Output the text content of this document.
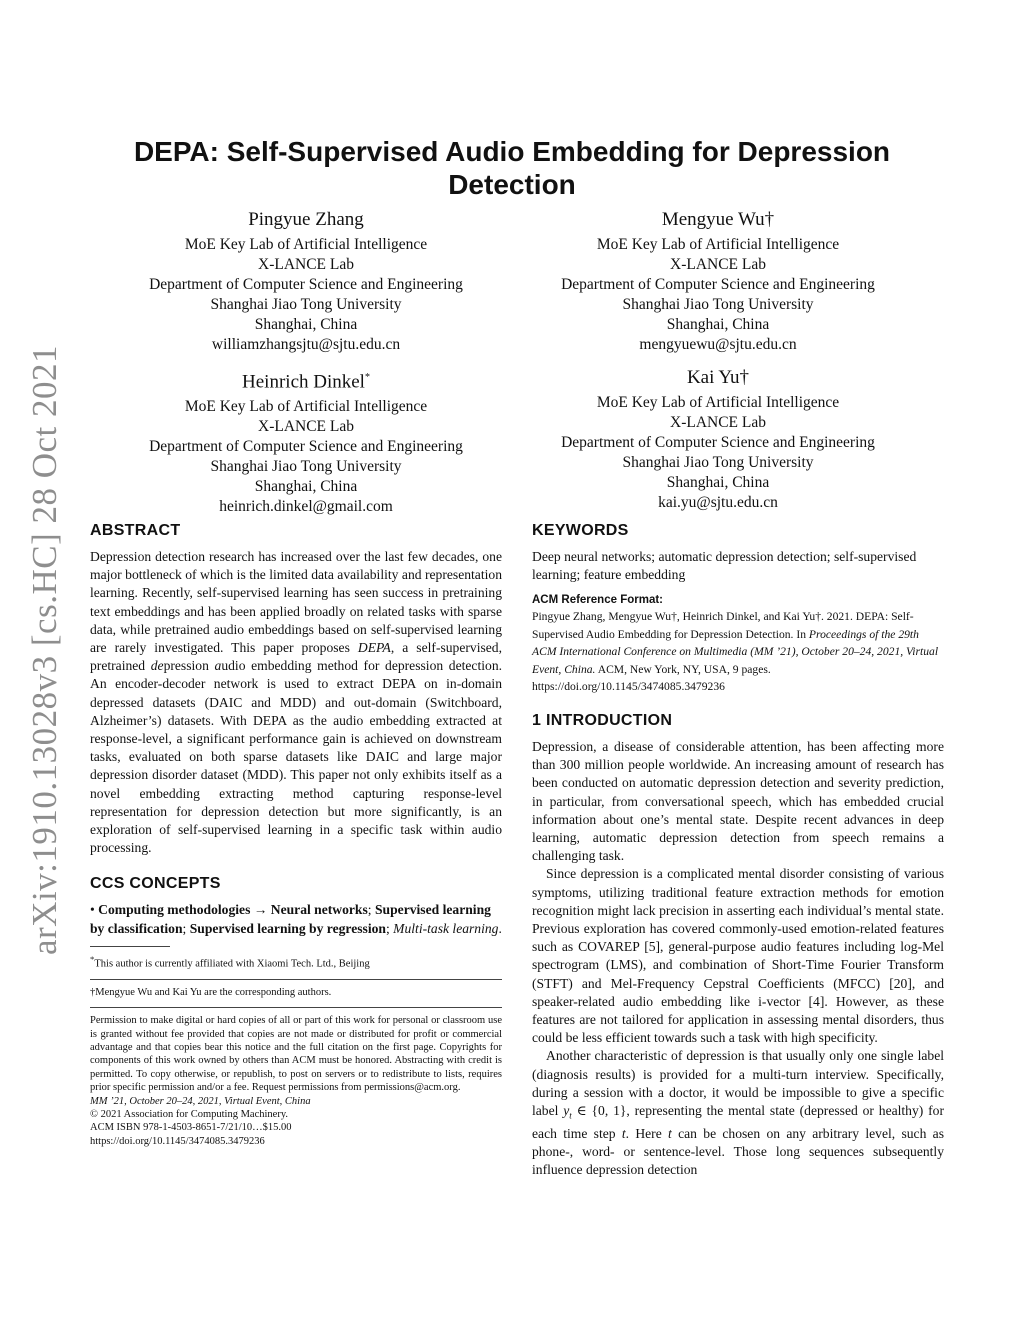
arXiv:1910.13028v3 [cs.HC] 28 Oct 2021
DEPA: Self-Supervised Audio Embedding for Depression Detection
Pingyue Zhang
MoE Key Lab of Artificial Intelligence
X-LANCE Lab
Department of Computer Science and Engineering
Shanghai Jiao Tong University
Shanghai, China
williamzhangsjtu@sjtu.edu.cn
Mengyue Wu†
MoE Key Lab of Artificial Intelligence
X-LANCE Lab
Department of Computer Science and Engineering
Shanghai Jiao Tong University
Shanghai, China
mengyuewu@sjtu.edu.cn
Heinrich Dinkel*
MoE Key Lab of Artificial Intelligence
X-LANCE Lab
Department of Computer Science and Engineering
Shanghai Jiao Tong University
Shanghai, China
heinrich.dinkel@gmail.com
Kai Yu†
MoE Key Lab of Artificial Intelligence
X-LANCE Lab
Department of Computer Science and Engineering
Shanghai Jiao Tong University
Shanghai, China
kai.yu@sjtu.edu.cn
ABSTRACT

Depression detection research has increased over the last few decades, one major bottleneck of which is the limited data availability and representation learning. Recently, self-supervised learning has seen success in pretraining text embeddings and has been applied broadly on related tasks with sparse data, while pretrained audio embeddings based on self-supervised learning are rarely investigated. This paper proposes DEPA, a self-supervised, pretrained depression audio embedding method for depression detection. An encoder-decoder network is used to extract DEPA on in-domain depressed datasets (DAIC and MDD) and out-domain (Switchboard, Alzheimer’s) datasets. With DEPA as the audio embedding extracted at response-level, a significant performance gain is achieved on downstream tasks, evaluated on both sparse datasets like DAIC and large major depression disorder dataset (MDD). This paper not only exhibits itself as a novel embedding extracting method capturing response-level representation for depression detection but more significantly, is an exploration of self-supervised learning in a specific task within audio processing.

CCS CONCEPTS
• Computing methodologies → Neural networks; Supervised learning by classification; Supervised learning by regression; Multi-task learning.
*This author is currently affiliated with Xiaomi Tech. Ltd., Beijing
†Mengyue Wu and Kai Yu are the corresponding authors.
Permission to make digital or hard copies of all or part of this work for personal or classroom use is granted without fee provided that copies are not made or distributed for profit or commercial advantage and that copies bear this notice and the full citation on the first page. Copyrights for components of this work owned by others than ACM must be honored. Abstracting with credit is permitted. To copy otherwise, or republish, to post on servers or to redistribute to lists, requires prior specific permission and/or a fee. Request permissions from permissions@acm.org.
MM ’21, October 20–24, 2021, Virtual Event, China
© 2021 Association for Computing Machinery.
ACM ISBN 978-1-4503-8651-7/21/10…$15.00
https://doi.org/10.1145/3474085.3479236
KEYWORDS

Deep neural networks; automatic depression detection; self-supervised learning; feature embedding

ACM Reference Format:
Pingyue Zhang, Mengyue Wu†, Heinrich Dinkel, and Kai Yu†. 2021. DEPA: Self-Supervised Audio Embedding for Depression Detection. In Proceedings of the 29th ACM International Conference on Multimedia (MM ’21), October 20–24, 2021, Virtual Event, China. ACM, New York, NY, USA, 9 pages. https://doi.org/10.1145/3474085.3479236
1 INTRODUCTION

Depression, a disease of considerable attention, has been affecting more than 300 million people worldwide. An increasing amount of research has been conducted on automatic depression detection and severity prediction, in particular, from conversational speech, which has embedded crucial information about one’s mental state. Despite recent advances in deep learning, automatic depression detection from speech remains a challenging task.

Since depression is a complicated mental disorder consisting of various symptoms, utilizing traditional feature extraction methods for emotion recognition might lack precision in asserting each individual’s mental state. Previous exploration has covered commonly-used emotion-related features such as COVAREP [5], general-purpose audio features including log-Mel spectrogram (LMS), and combination of Short-Time Fourier Transform (STFT) and Mel-Frequency Cepstral Coefficients (MFCC) [20], and speaker-related audio embedding like i-vector [4]. However, as these features are not tailored for application in assessing mental disorders, thus could be less efficient towards such a task with high specificity.

Another characteristic of depression is that usually only one single label (diagnosis results) is provided for a multi-turn interview. Specifically, during a session with a doctor, it would be impossible to give a specific label $y_t$ ∈ {0, 1}, representing the mental state (depressed or healthy) for each time step t. Here t can be chosen on any arbitrary level, such as phone-, word- or sentence-level. Those long sequences subsequently influence depression detection
